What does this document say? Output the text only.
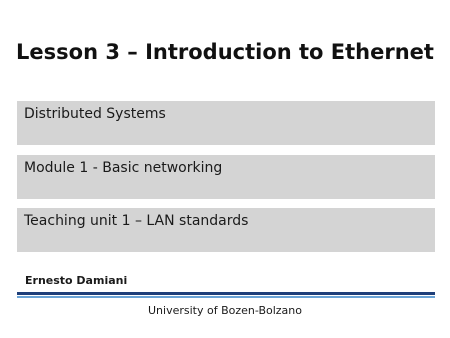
Lesson 3 – Introduction to Ethernet
Distributed Systems
Module 1 - Basic networking
Teaching unit 1 – LAN standards
Ernesto Damiani
University of Bozen-Bolzano
